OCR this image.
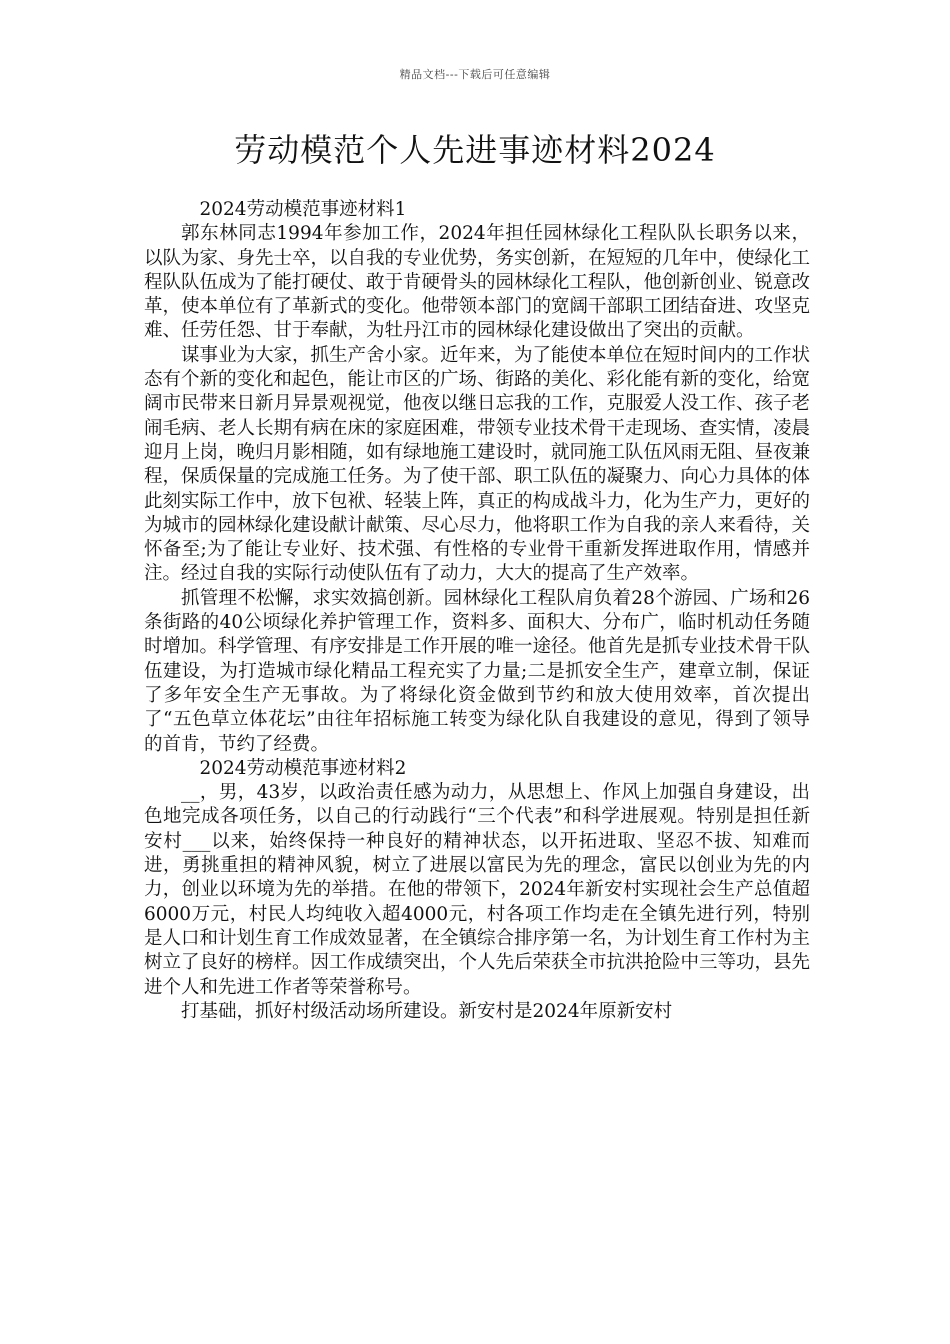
精品文档---下载后可任意编辑
劳动模范个人先进事迹材料2024

2024劳动模范事迹材料1

郭东林同志1994年参加工作，2024年担任园林绿化工程队队长职务以来，以队为家、身先士卒，以自我的专业优势，务实创新，在短短的几年中，使绿化工程队队伍成为了能打硬仗、敢于肯硬骨头的园林绿化工程队，他创新创业、锐意改革，使本单位有了革新式的变化。他带领本部门的宽阔干部职工团结奋进、攻坚克难、任劳任怨、甘于奉献，为牡丹江市的园林绿化建设做出了突出的贡献。

谋事业为大家，抓生产舍小家。近年来，为了能使本单位在短时间内的工作状态有个新的变化和起色，能让市区的广场、街路的美化、彩化能有新的变化，给宽阔市民带来日新月异景观视觉，他夜以继日忘我的工作，克服爱人没工作、孩子老闹毛病、老人长期有病在床的家庭困难，带领专业技术骨干走现场、查实情，凌晨迎月上岗，晚归月影相随，如有绿地施工建设时，就同施工队伍风雨无阻、昼夜兼程，保质保量的完成施工任务。为了使干部、职工队伍的凝聚力、向心力具体的体此刻实际工作中，放下包袱、轻装上阵，真正的构成战斗力，化为生产力，更好的为城市的园林绿化建设献计献策、尽心尽力，他将职工作为自我的亲人来看待，关怀备至;为了能让专业好、技术强、有性格的专业骨干重新发挥进取作用，情感并注。经过自我的实际行动使队伍有了动力，大大的提高了生产效率。

抓管理不松懈，求实效搞创新。园林绿化工程队肩负着28个游园、广场和26条街路的40公顷绿化养护管理工作，资料多、面积大、分布广，临时机动任务随时增加。科学管理、有序安排是工作开展的唯一途径。他首先是抓专业技术骨干队伍建设，为打造城市绿化精品工程充实了力量;二是抓安全生产，建章立制，保证了多年安全生产无事故。为了将绿化资金做到节约和放大使用效率，首次提出了“五色草立体花坛”由往年招标施工转变为绿化队自我建设的意见，得到了领导的首肯，节约了经费。

2024劳动模范事迹材料2

__，男，43岁，以政治责任感为动力，从思想上、作风上加强自身建设，出色地完成各项任务，以自己的行动践行“三个代表”和科学进展观。特别是担任新安村___以来，始终保持一种良好的精神状态，以开拓进取、坚忍不拔、知难而进，勇挑重担的精神风貌，树立了进展以富民为先的理念，富民以创业为先的内力，创业以环境为先的举措。在他的带领下，2024年新安村实现社会生产总值超6000万元，村民人均纯收入超4000元，村各项工作均走在全镇先进行列，特别是人口和计划生育工作成效显著，在全镇综合排序第一名，为计划生育工作村为主树立了良好的榜样。因工作成绩突出，个人先后荣获全市抗洪抢险中三等功，县先进个人和先进工作者等荣誉称号。

打基础，抓好村级活动场所建设。新安村是2024年原新安村
